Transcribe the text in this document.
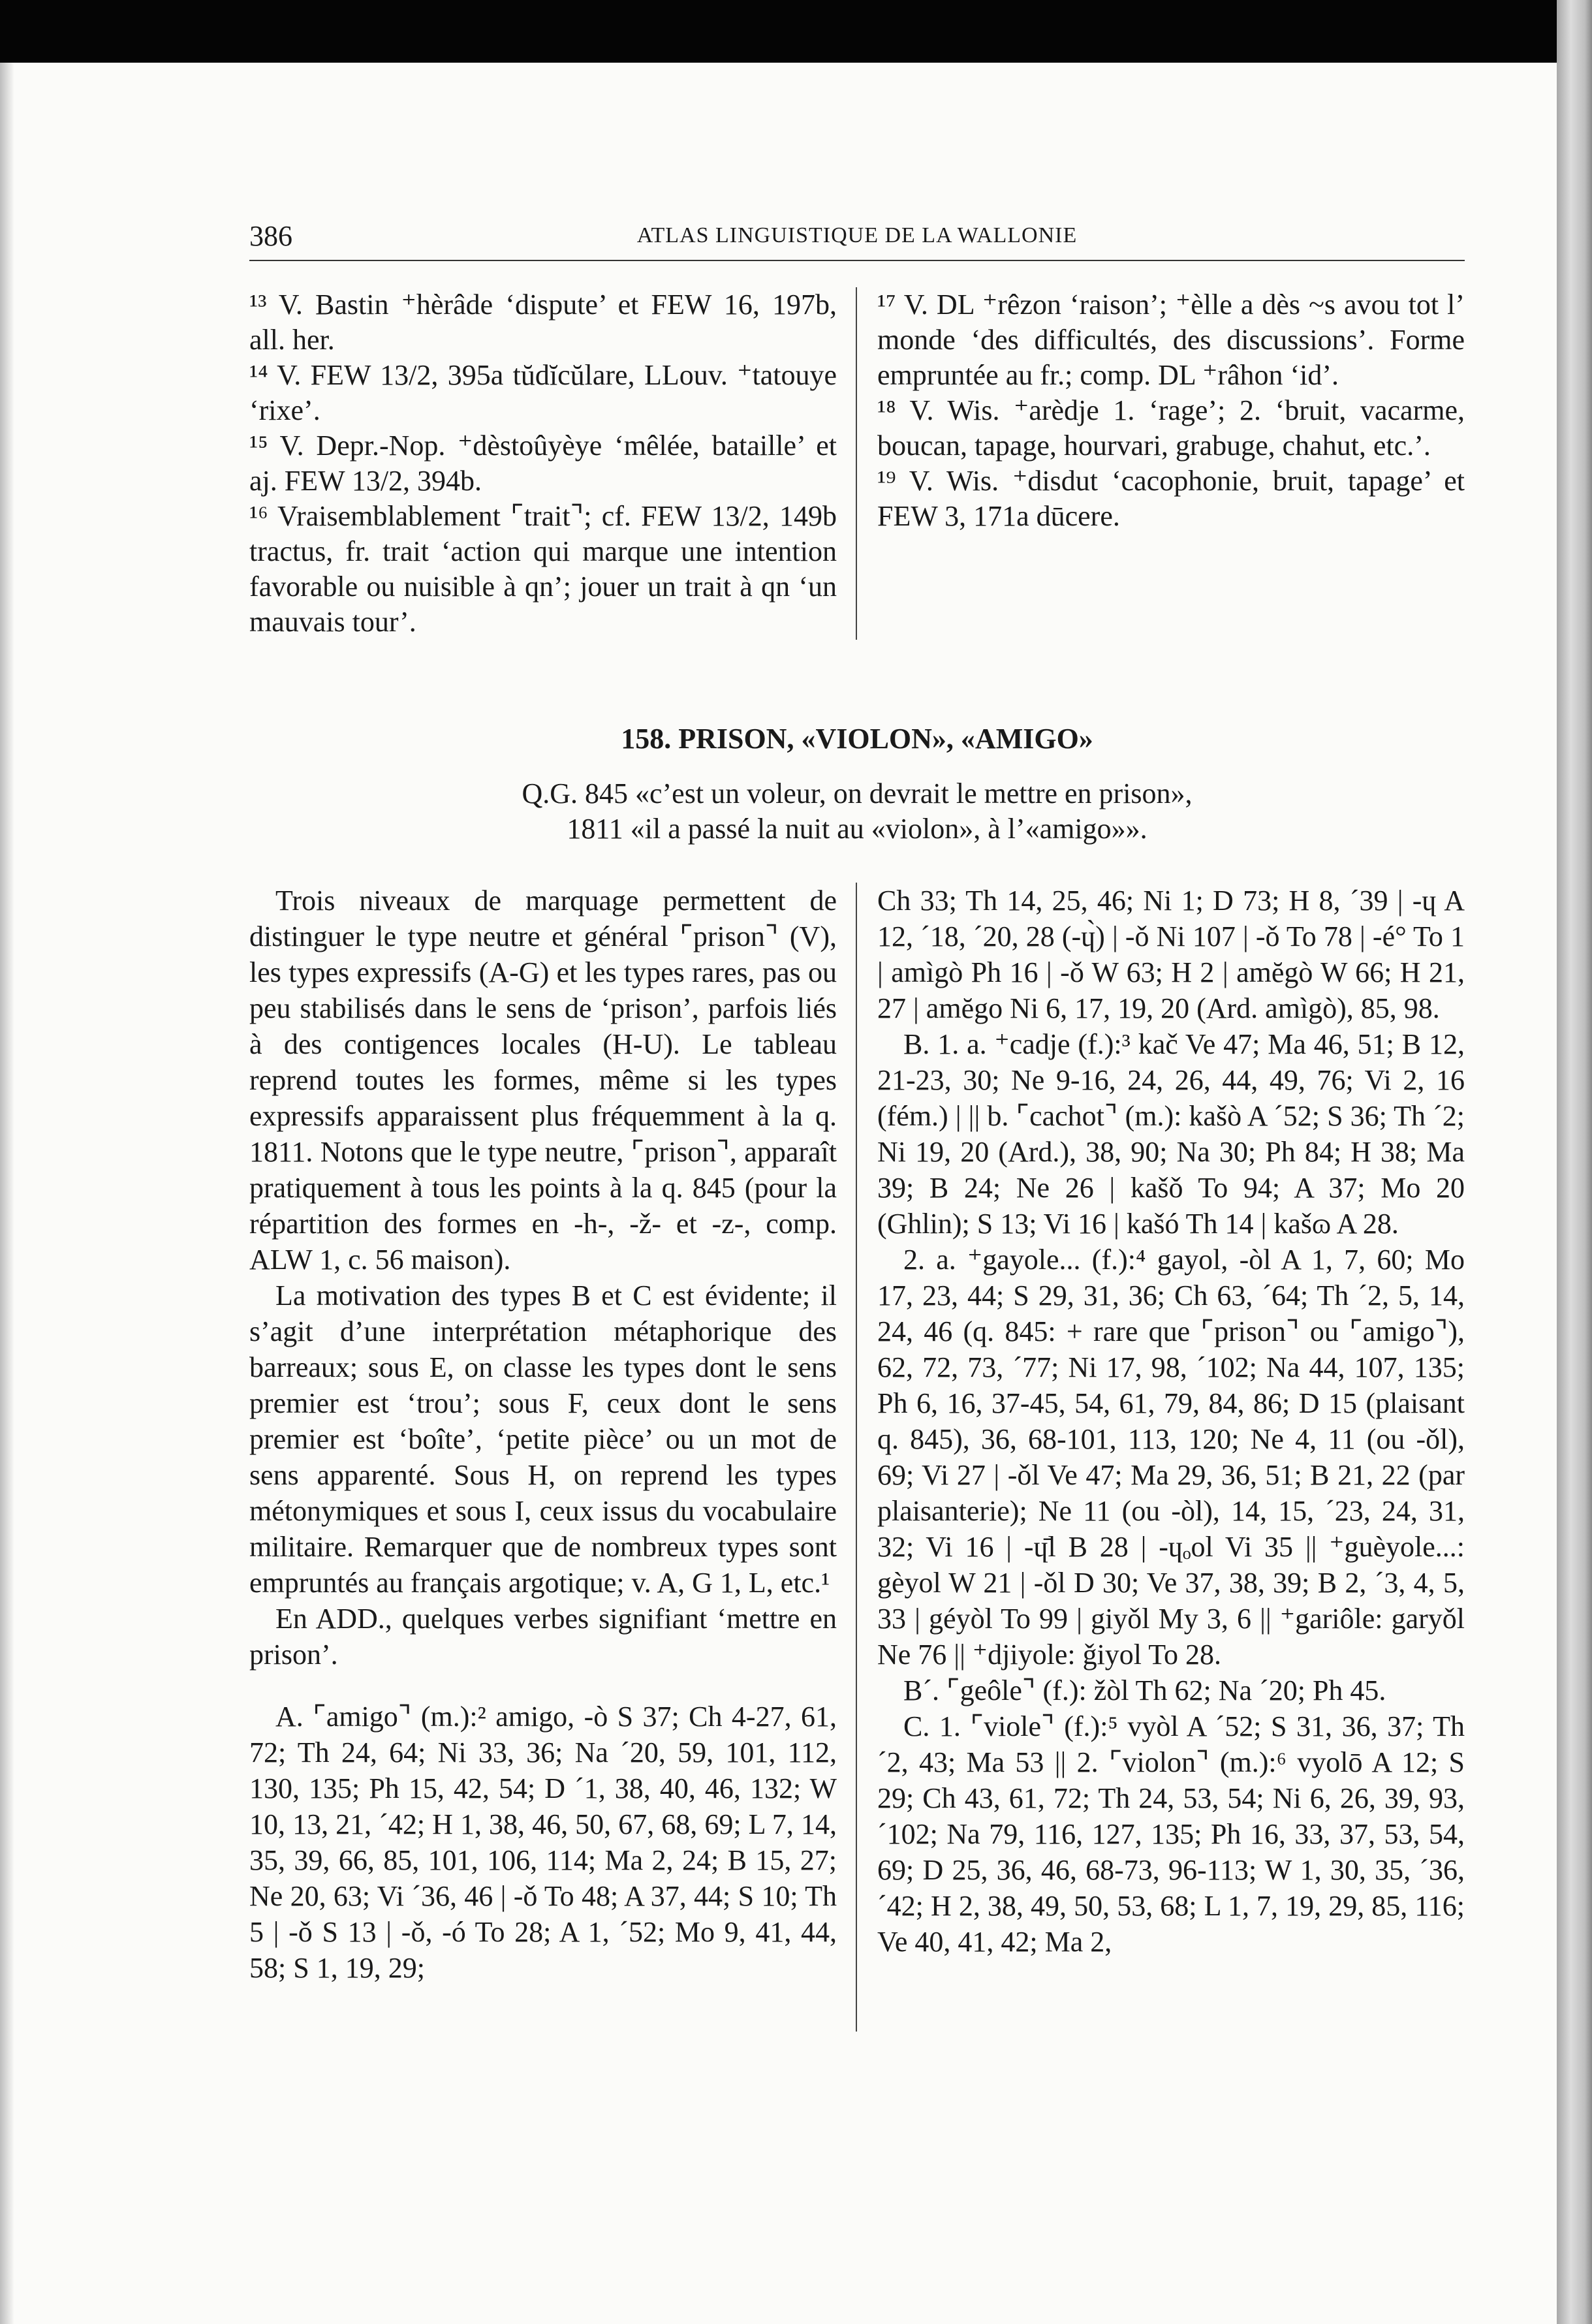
386	ATLAS LINGUISTIQUE DE LA WALLONIE

¹³ V. Bastin ⁺hèrâde ‘dispute’ et FEW 16, 197b, all. her.

¹⁴ V. FEW 13/2, 395a tŭdĭcŭlare, LLouv. ⁺tatouye ‘rixe’.

¹⁵ V. Depr.-Nop. ⁺dèstoûyèye ‘mêlée, bataille’ et aj. FEW 13/2, 394b.

¹⁶ Vraisemblablement ⌜trait⌝; cf. FEW 13/2, 149b tractus, fr. trait ‘action qui marque une intention favorable ou nuisible à qn’; jouer un trait à qn ‘un mauvais tour’.

¹⁷ V. DL ⁺rêzon ‘raison’; ⁺èlle a dès ~s avou tot l’ monde ‘des difficultés, des discussions’. Forme empruntée au fr.; comp. DL ⁺râhon ‘id’.

¹⁸ V. Wis. ⁺arèdje 1. ‘rage’; 2. ‘bruit, vacarme, boucan, tapage, hourvari, grabuge, chahut, etc.’.

¹⁹ V. Wis. ⁺disdut ‘cacophonie, bruit, tapage’ et FEW 3, 171a dūcere.

158. PRISON, «VIOLON», «AMIGO»
Q.G. 845 «c’est un voleur, on devrait le mettre en prison»,
1811 «il a passé la nuit au «violon», à l’«amigo»».

Trois niveaux de marquage permettent de distinguer le type neutre et général ⌜prison⌝ (V), les types expressifs (A-G) et les types rares, pas ou peu stabilisés dans le sens de ‘prison’, parfois liés à des contigences locales (H-U). Le tableau reprend toutes les formes, même si les types expressifs apparaissent plus fréquemment à la q. 1811. Notons que le type neutre, ⌜prison⌝, apparaît pratiquement à tous les points à la q. 845 (pour la répartition des formes en -h-, -ž- et -z-, comp. ALW 1, c. 56 maison).

La motivation des types B et C est évidente; il s’agit d’une interprétation métaphorique des barreaux; sous E, on classe les types dont le sens premier est ‘trou’; sous F, ceux dont le sens premier est ‘boîte’, ‘petite pièce’ ou un mot de sens apparenté. Sous H, on reprend les types métonymiques et sous I, ceux issus du vocabulaire militaire. Remarquer que de nombreux types sont empruntés au français argotique; v. A, G 1, L, etc.¹

En ADD., quelques verbes signifiant ‘mettre en prison’.

A. ⌜amigo⌝ (m.):² amigo, -ò S 37; Ch 4-27, 61, 72; Th 24, 64; Ni 33, 36; Na ´20, 59, 101, 112, 130, 135; Ph 15, 42, 54; D ´1, 38, 40, 46, 132; W 10, 13, 21, ´42; H 1, 38, 46, 50, 67, 68, 69; L 7, 14, 35, 39, 66, 85, 101, 106, 114; Ma 2, 24; B 15, 27; Ne 20, 63; Vi ´36, 46 | -ǒ To 48; A 37, 44; S 10; Th 5 | -ǒ S 13 | -ǒ, -ó To 28; A 1, ´52; Mo 9, 41, 44, 58; S 1, 19, 29;

Ch 33; Th 14, 25, 46; Ni 1; D 73; H 8, ´39 | -ɥ A 12, ´18, ´20, 28 (-ɥ̀) | -ǒ Ni 107 | -ǒ To 78 | -é° To 1 | amìgò Ph 16 | -ǒ W 63; H 2 | amĕgò W 66; H 21, 27 | amĕgo Ni 6, 17, 19, 20 (Ard. amìgò), 85, 98.

B. 1. a. ⁺cadje (f.):³ kač Ve 47; Ma 46, 51; B 12, 21-23, 30; Ne 9-16, 24, 26, 44, 49, 76; Vi 2, 16 (fém.) | || b. ⌜cachot⌝ (m.): kašò A ´52; S 36; Th ´2; Ni 19, 20 (Ard.), 38, 90; Na 30; Ph 84; H 38; Ma 39; B 24; Ne 26 | kašǒ To 94; A 37; Mo 20 (Ghlin); S 13; Vi 16 | kašó Th 14 | kašɷ A 28.

2. a. ⁺gayole... (f.):⁴ gayol, -òl A 1, 7, 60; Mo 17, 23, 44; S 29, 31, 36; Ch 63, ´64; Th ´2, 5, 14, 24, 46 (q. 845: + rare que ⌜prison⌝ ou ⌜amigo⌝), 62, 72, 73, ´77; Ni 17, 98, ´102; Na 44, 107, 135; Ph 6, 16, 37-45, 54, 61, 79, 84, 86; D 15 (plaisant q. 845), 36, 68-101, 113, 120; Ne 4, 11 (ou -ǒl), 69; Vi 27 | -ǒl Ve 47; Ma 29, 36, 51; B 21, 22 (par plaisanterie); Ne 11 (ou -òl), 14, 15, ´23, 24, 31, 32; Vi 16 | -ɥ̄l B 28 | -ɥₒol Vi 35 || ⁺guèyole...: gèyol W 21 | -ǒl D 30; Ve 37, 38, 39; B 2, ´3, 4, 5, 33 | géyòl To 99 | giyǒl My 3, 6 || ⁺gariôle: garyǒl Ne 76 || ⁺djiyole: ǧiyol To 28.

B´. ⌜geôle⌝ (f.): žòl Th 62; Na ´20; Ph 45.

C. 1. ⌜viole⌝ (f.):⁵ vyòl A ´52; S 31, 36, 37; Th ´2, 43; Ma 53 || 2. ⌜violon⌝ (m.):⁶ vyolō A 12; S 29; Ch 43, 61, 72; Th 24, 53, 54; Ni 6, 26, 39, 93, ´102; Na 79, 116, 127, 135; Ph 16, 33, 37, 53, 54, 69; D 25, 36, 46, 68-73, 96-113; W 1, 30, 35, ´36, ´42; H 2, 38, 49, 50, 53, 68; L 1, 7, 19, 29, 85, 116; Ve 40, 41, 42; Ma 2,
